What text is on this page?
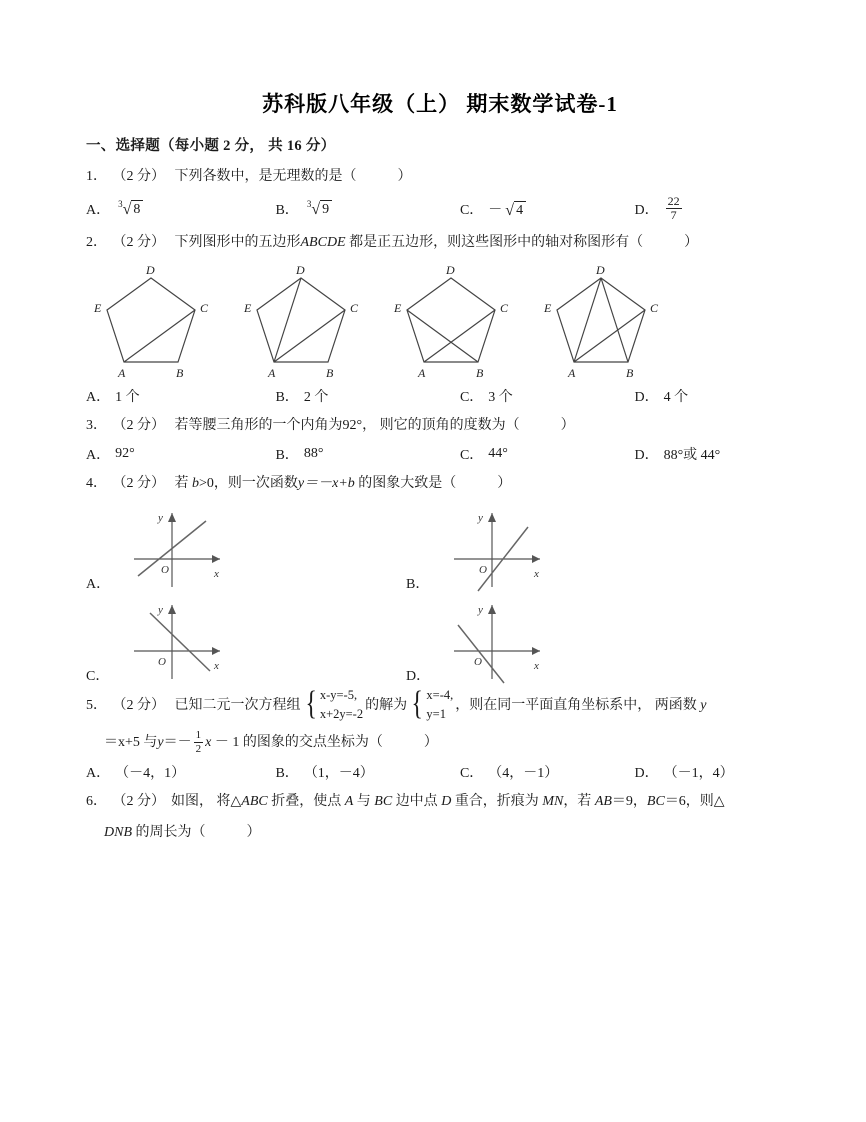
苏科版八年级（上） 期末数学试卷-1
一、选择题（每小题 2 分， 共 16 分）
1． （2 分） 下列各数中，是无理数的是（	）
A． 3 √ 8	B． 3 √ 9	C． － √ 4	D． $\frac{22}{7}$
2． （2 分） 下列图形中的五边形ABCDE 都是正五边形，则这些图形中的轴对称图形有（	）
D
E	C
A	B
D
E	C
A	B
D
E	C
A	B
D
E	C
A	B
A． 1 个	B． 2 个	C． 3 个	D． 4 个
3． （2 分） 若等腰三角形的一个内角为92°， 则它的顶角的度数为（	）
A． 92°	B． 88°	C． 44°	D． 88°或 44°
4． （2 分） 若 b>0，则一次函数y＝－x+b 的图象大致是（	）
A．
y
x
O
B．
y
x
O
C．
y
x
O
D．
y
x
O
5． （2 分） 已知二元一次方程组 { x-y=-5,
x+2y=-2
的解为 { x=-4,
y=1
，则在同一平面直角坐标系中， 两函数 y
＝x+5 与$y=- \frac{1}{2}$ x － 1 的图象的交点坐标为（	）
A． （－4，1）	B． （1，－4）	C． （4，－1）	D． （－1，4）
6． （2 分） 如图， 将△ABC 折叠，使点 A 与 BC 边中点 D 重合，折痕为 MN，若 AB＝9，BC＝6，则△
DNB 的周长为（	）
